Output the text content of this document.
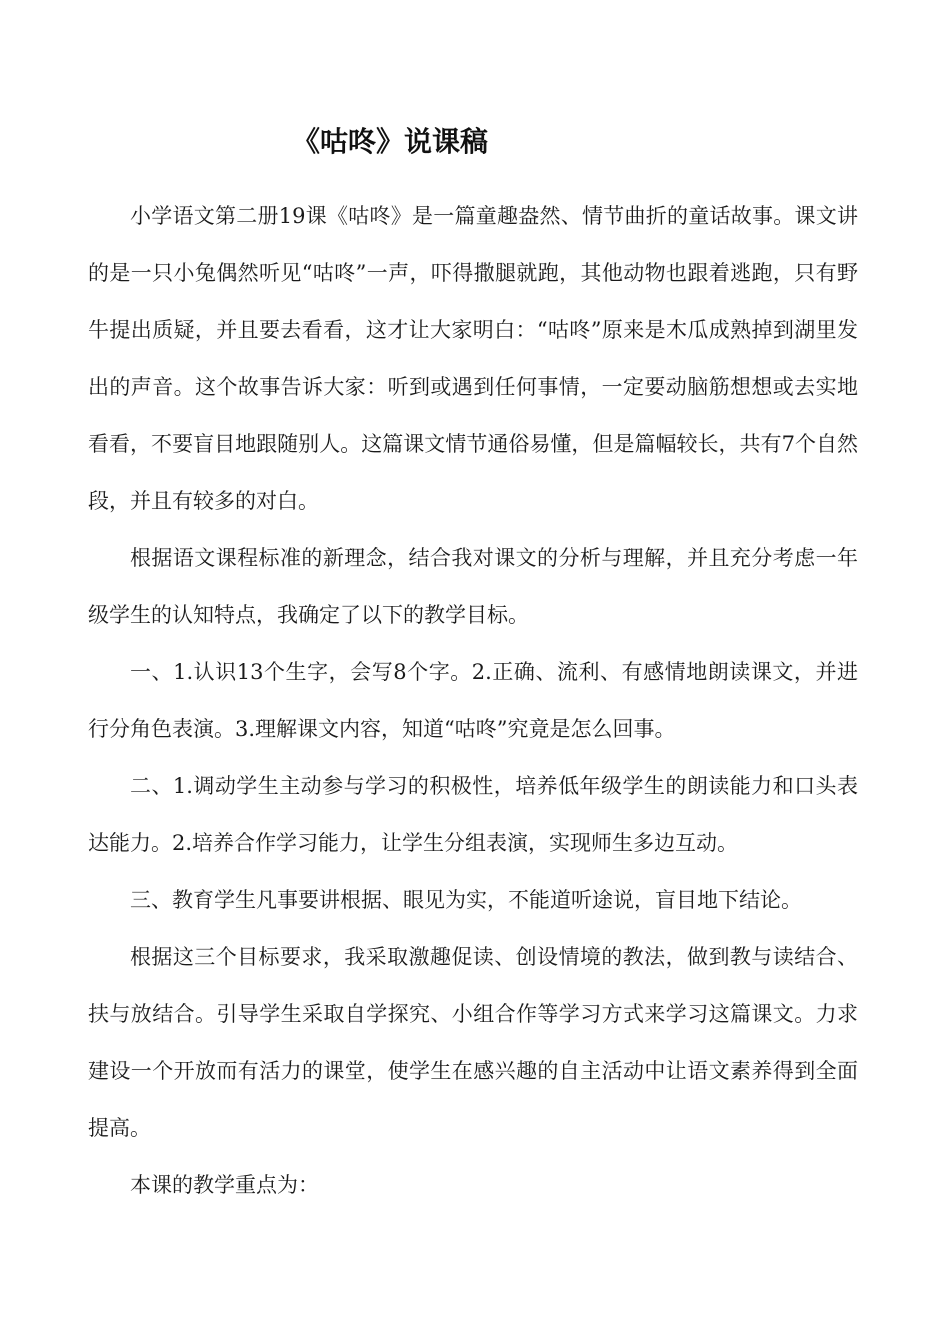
《咕咚》说课稿

小学语文第二册19课《咕咚》是一篇童趣盎然、情节曲折的童话故事。课文讲的是一只小兔偶然听见“咕咚”一声，吓得撒腿就跑，其他动物也跟着逃跑，只有野牛提出质疑，并且要去看看，这才让大家明白：“咕咚”原来是木瓜成熟掉到湖里发出的声音。这个故事告诉大家：听到或遇到任何事情，一定要动脑筋想想或去实地看看，不要盲目地跟随别人。这篇课文情节通俗易懂，但是篇幅较长，共有7个自然段，并且有较多的对白。

根据语文课程标准的新理念，结合我对课文的分析与理解，并且充分考虑一年级学生的认知特点，我确定了以下的教学目标。

一、1.认识13个生字，会写8个字。2.正确、流利、有感情地朗读课文，并进行分角色表演。3.理解课文内容，知道“咕咚”究竟是怎么回事。

二、1.调动学生主动参与学习的积极性，培养低年级学生的朗读能力和口头表达能力。2.培养合作学习能力，让学生分组表演，实现师生多边互动。

三、教育学生凡事要讲根据、眼见为实，不能道听途说，盲目地下结论。

根据这三个目标要求，我采取激趣促读、创设情境的教法，做到教与读结合、扶与放结合。引导学生采取自学探究、小组合作等学习方式来学习这篇课文。力求建设一个开放而有活力的课堂，使学生在感兴趣的自主活动中让语文素养得到全面提高。

本课的教学重点为：
